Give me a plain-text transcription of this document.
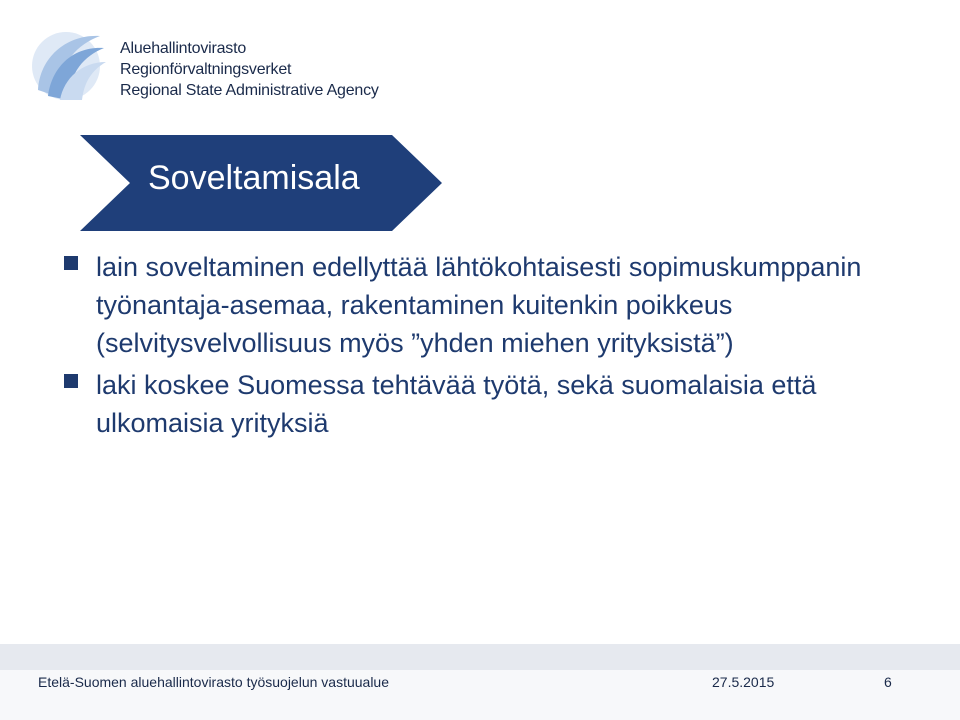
Aluehallintovirasto
Regionförvaltningsverket
Regional State Administrative Agency
Soveltamisala
lain soveltaminen edellyttää lähtökohtaisesti sopimuskumppanin työnantaja-asemaa, rakentaminen kuitenkin poikkeus (selvitysvelvollisuus myös ”yhden miehen yrityksistä”)
laki koskee Suomessa tehtävää työtä, sekä suomalaisia että ulkomaisia yrityksiä
Etelä-Suomen aluehallintovirasto työsuojelun vastuualue	27.5.2015	6
